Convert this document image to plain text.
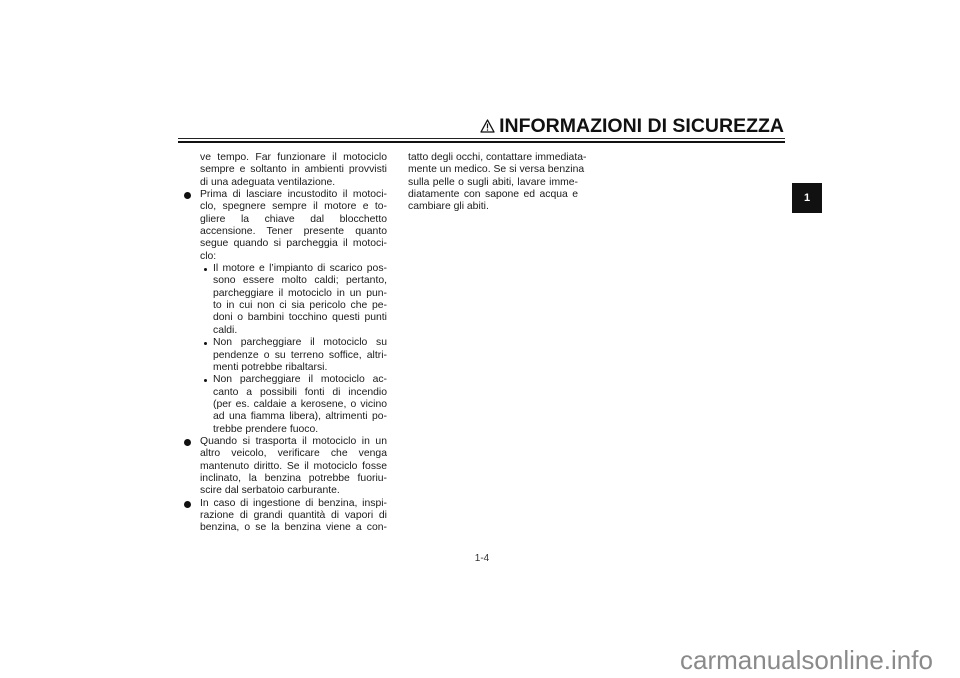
INFORMAZIONI DI SICUREZZA
1
ve tempo. Far funzionare il motociclo
sempre e soltanto in ambienti provvisti
di una adeguata ventilazione.
Prima di lasciare incustodito il motoci-
clo, spegnere sempre il motore e to-
gliere la chiave dal blocchetto
accensione. Tener presente quanto
segue quando si parcheggia il motoci-
clo:
Il motore e l’impianto di scarico pos-
sono essere molto caldi; pertanto,
parcheggiare il motociclo in un pun-
to in cui non ci sia pericolo che pe-
doni o bambini tocchino questi punti
caldi.
Non parcheggiare il motociclo su
pendenze o su terreno soffice, altri-
menti potrebbe ribaltarsi.
Non parcheggiare il motociclo ac-
canto a possibili fonti di incendio
(per es. caldaie a kerosene, o vicino
ad una fiamma libera), altrimenti po-
trebbe prendere fuoco.
Quando si trasporta il motociclo in un
altro veicolo, verificare che venga
mantenuto diritto. Se il motociclo fosse
inclinato, la benzina potrebbe fuoriu-
scire dal serbatoio carburante.
In caso di ingestione di benzina, inspi-
razione di grandi quantità di vapori di
benzina, o se la benzina viene a con-
tatto degli occhi, contattare immediata-
mente un medico. Se si versa benzina
sulla pelle o sugli abiti, lavare imme-
diatamente con sapone ed acqua e
cambiare gli abiti.
1-4
carmanualsonline.info
